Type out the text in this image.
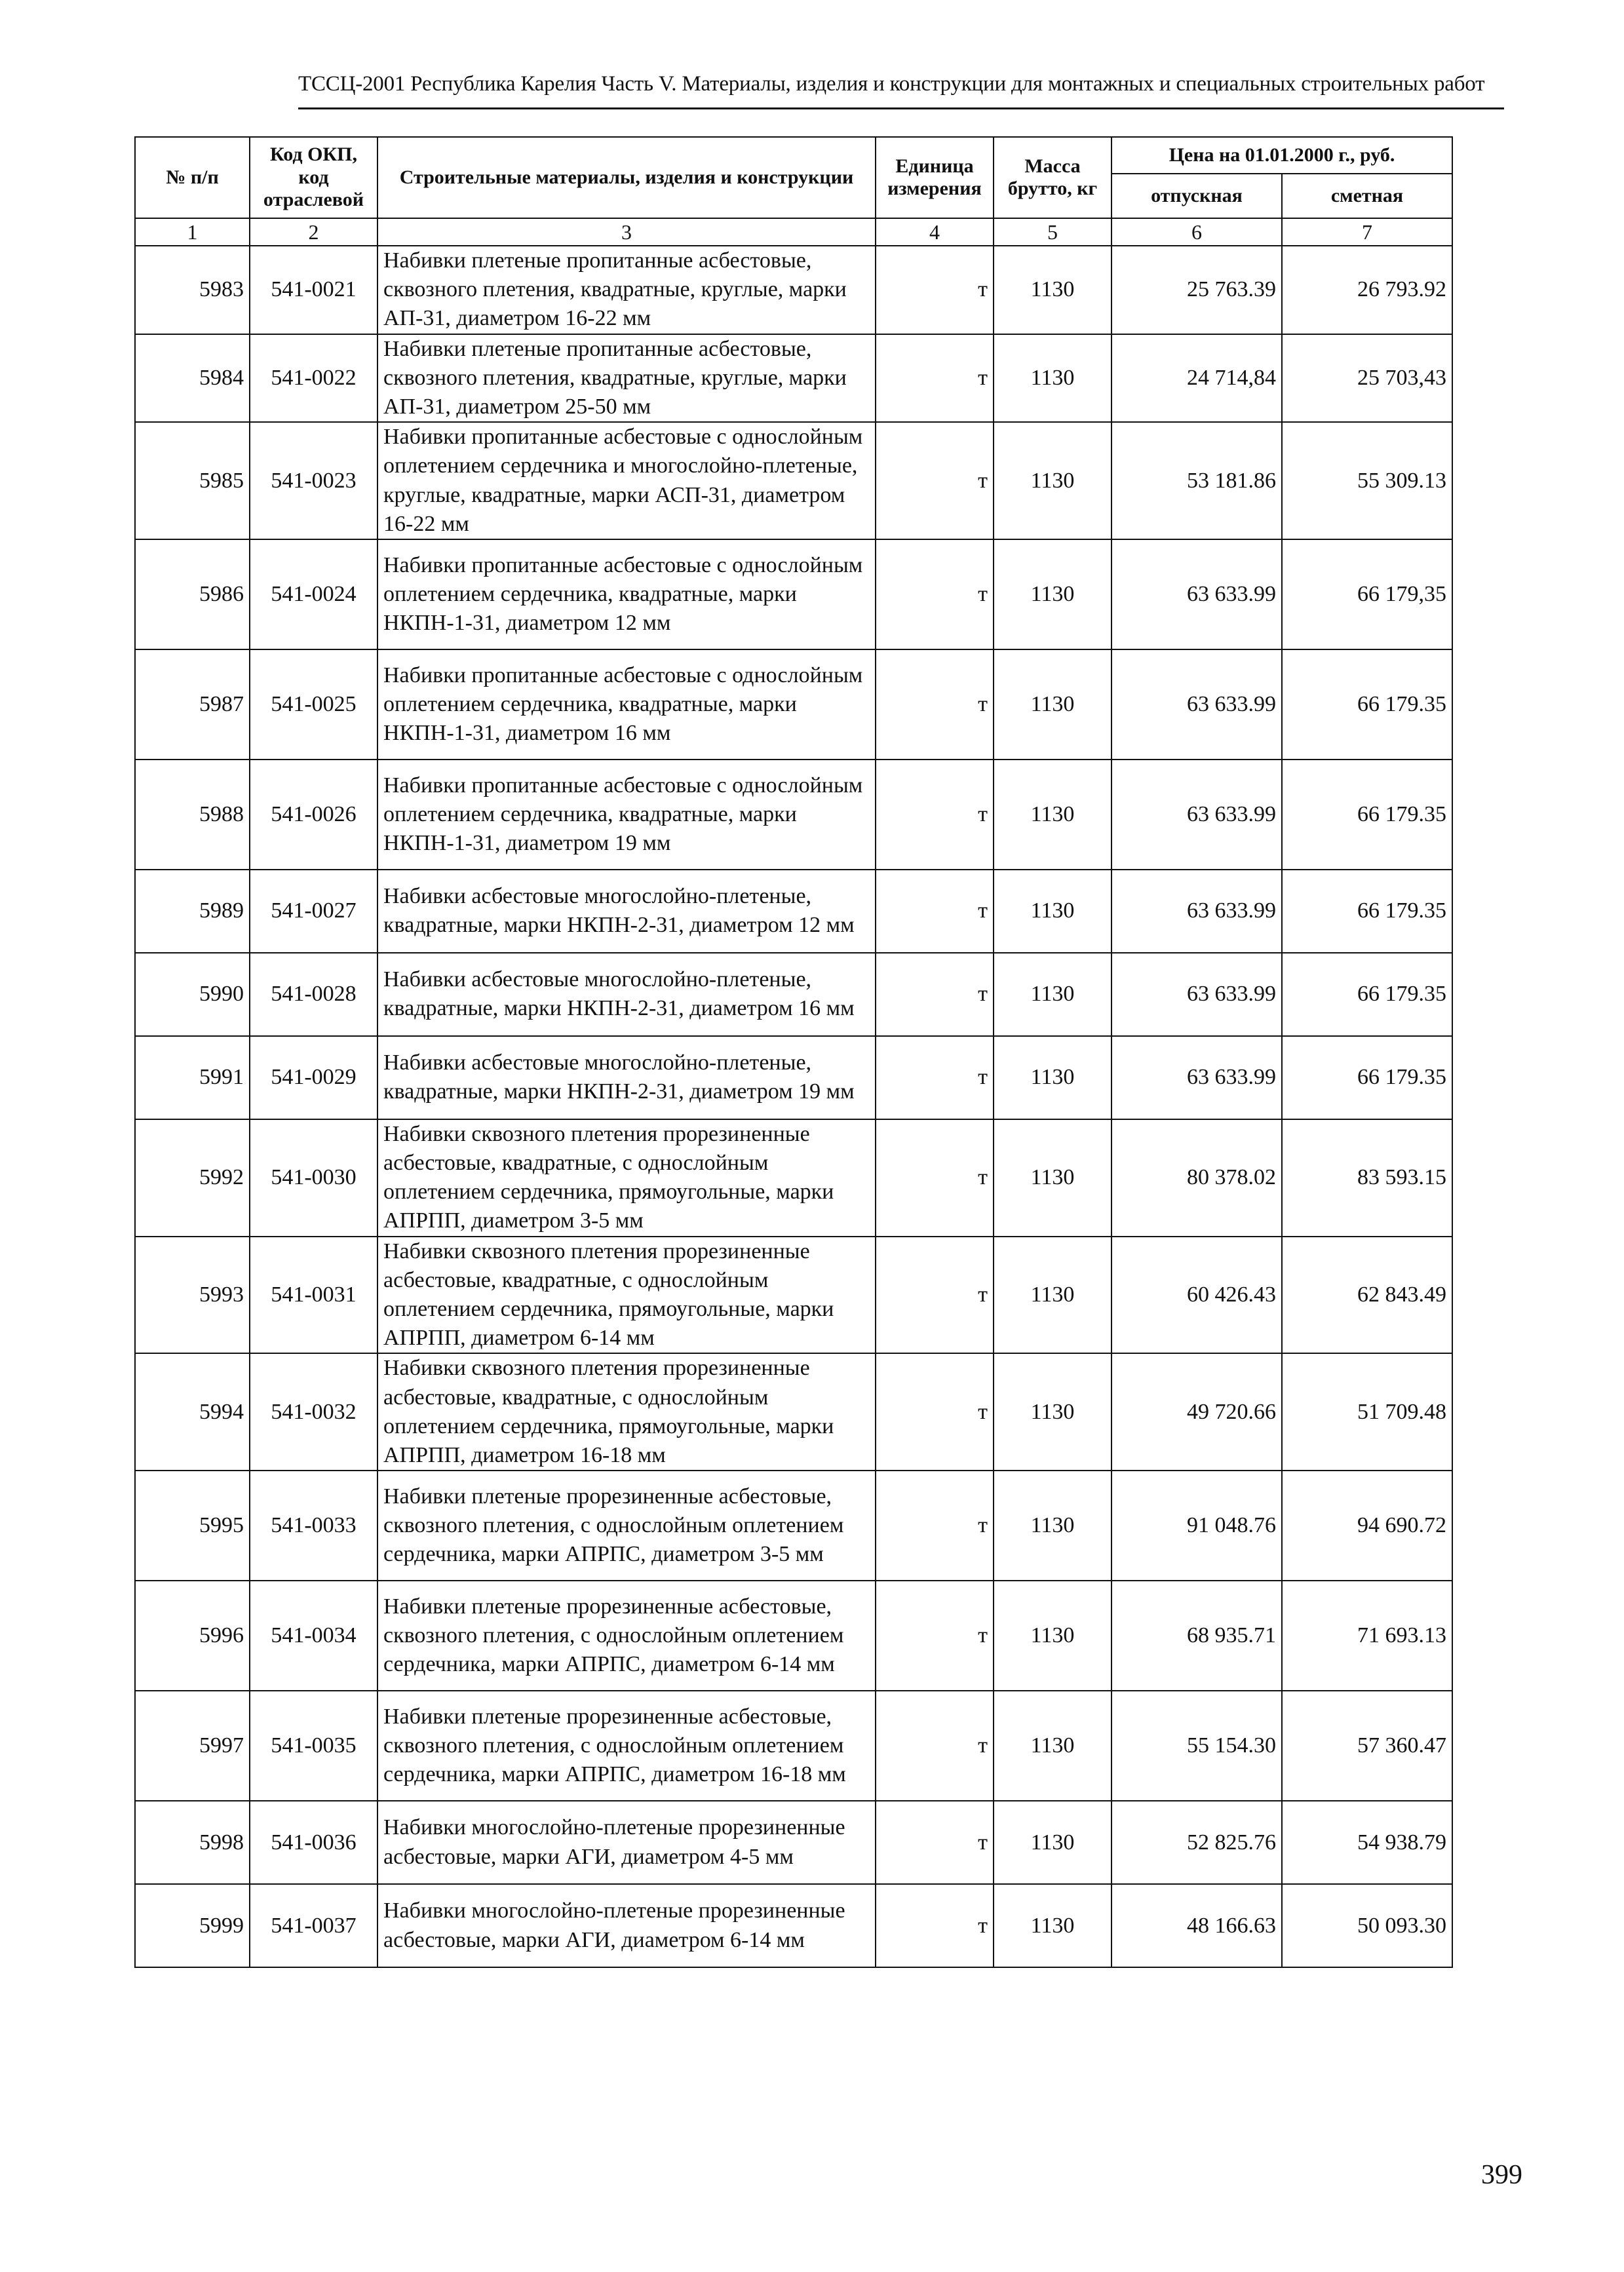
ТССЦ-2001 Республика Карелия Часть V. Материалы, изделия и конструкции для монтажных и специальных строительных работ
№ п/п	Код ОКП, код отраслевой	Строительные материалы, изделия и конструкции	Единица измерения	Масса брутто, кг	Цена на 01.01.2000 г., руб.	
					отпускная	сметная
1	2	3	4	5	6	7
5983	541-0021	Набивки плетеные пропитанные асбестовые, сквозного плетения, квадратные, круглые, марки АП-31, диаметром 16-22 мм	т	1130	25 763.39	26 793.92
5984	541-0022	Набивки плетеные пропитанные асбестовые, сквозного плетения, квадратные, круглые, марки АП-31, диаметром 25-50 мм	т	1130	24 714,84	25 703,43
5985	541-0023	Набивки пропитанные асбестовые с однослойным оплетением сердечника и многослойно-плетеные, круглые, квадратные, марки АСП-31, диаметром 16-22 мм	т	1130	53 181.86	55 309.13
5986	541-0024	Набивки пропитанные асбестовые с однослойным оплетением сердечника, квадратные, марки НКПН-1-31, диаметром 12 мм	т	1130	63 633.99	66 179,35
5987	541-0025	Набивки пропитанные асбестовые с однослойным оплетением сердечника, квадратные, марки НКПН-1-31, диаметром 16 мм	т	1130	63 633.99	66 179.35
5988	541-0026	Набивки пропитанные асбестовые с однослойным оплетением сердечника, квадратные, марки НКПН-1-31, диаметром 19 мм	т	1130	63 633.99	66 179.35
5989	541-0027	Набивки асбестовые многослойно-плетеные, квадратные, марки НКПН-2-31, диаметром 12 мм	т	1130	63 633.99	66 179.35
5990	541-0028	Набивки асбестовые многослойно-плетеные, квадратные, марки НКПН-2-31, диаметром 16 мм	т	1130	63 633.99	66 179.35
5991	541-0029	Набивки асбестовые многослойно-плетеные, квадратные, марки НКПН-2-31, диаметром 19 мм	т	1130	63 633.99	66 179.35
5992	541-0030	Набивки сквозного плетения прорезиненные асбестовые, квадратные, с однослойным оплетением сердечника, прямоугольные, марки АПРПП, диаметром 3-5 мм	т	1130	80 378.02	83 593.15
5993	541-0031	Набивки сквозного плетения прорезиненные асбестовые, квадратные, с однослойным оплетением сердечника, прямоугольные, марки АПРПП, диаметром 6-14 мм	т	1130	60 426.43	62 843.49
5994	541-0032	Набивки сквозного плетения прорезиненные асбестовые, квадратные, с однослойным оплетением сердечника, прямоугольные, марки АПРПП, диаметром 16-18 мм	т	1130	49 720.66	51 709.48
5995	541-0033	Набивки плетеные прорезиненные асбестовые, сквозного плетения, с однослойным оплетением сердечника, марки АПРПС, диаметром 3-5 мм	т	1130	91 048.76	94 690.72
5996	541-0034	Набивки плетеные прорезиненные асбестовые, сквозного плетения, с однослойным оплетением сердечника, марки АПРПС, диаметром 6-14 мм	т	1130	68 935.71	71 693.13
5997	541-0035	Набивки плетеные прорезиненные асбестовые, сквозного плетения, с однослойным оплетением сердечника, марки АПРПС, диаметром 16-18 мм	т	1130	55 154.30	57 360.47
5998	541-0036	Набивки многослойно-плетеные прорезиненные асбестовые, марки АГИ, диаметром 4-5 мм	т	1130	52 825.76	54 938.79
5999	541-0037	Набивки многослойно-плетеные прорезиненные асбестовые, марки АГИ, диаметром 6-14 мм	т	1130	48 166.63	50 093.30
399
